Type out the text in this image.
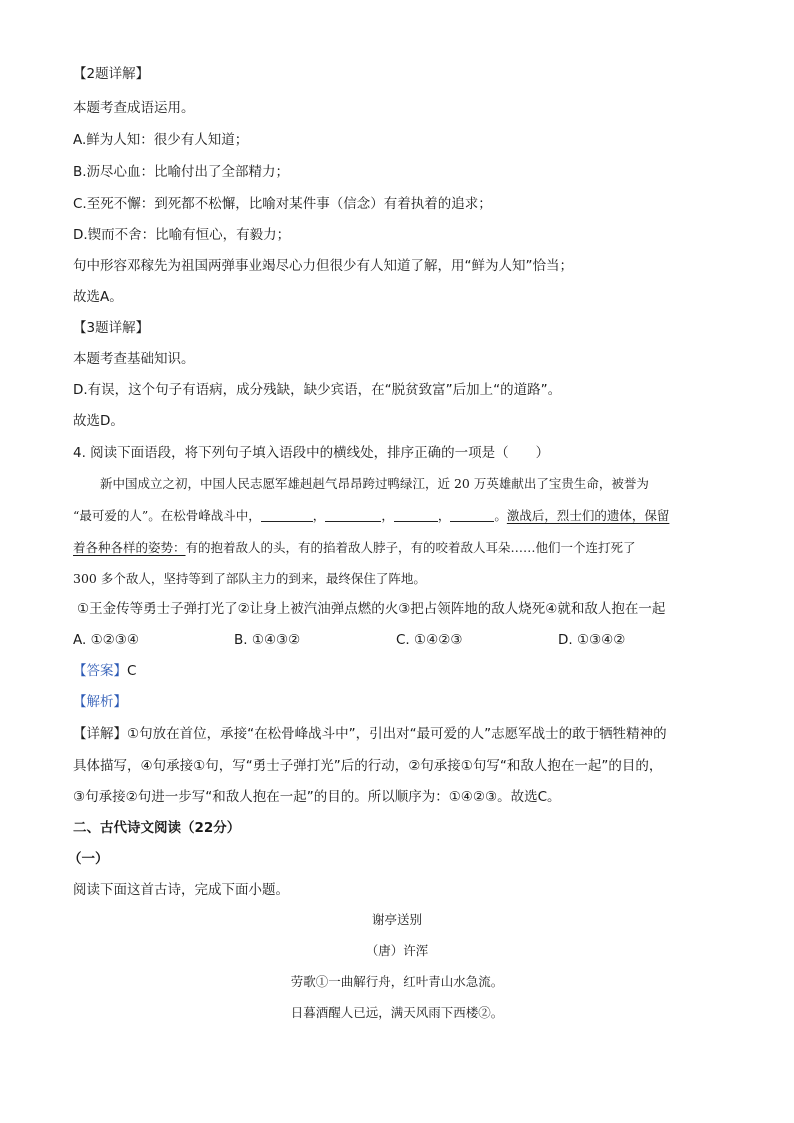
【2题详解】
本题考查成语运用。
A.鲜为人知：很少有人知道；
B.沥尽心血：比喻付出了全部精力；
C.至死不懈：到死都不松懈，比喻对某件事（信念）有着执着的追求；
D.锲而不舍：比喻有恒心，有毅力；
句中形容邓稼先为祖国两弹事业竭尽心力但很少有人知道了解，用“鲜为人知”恰当；
故选A。
【3题详解】
本题考查基础知识。
D.有误，这个句子有语病，成分残缺，缺少宾语，在“脱贫致富”后加上“的道路”。
故选D。
4. 阅读下面语段，将下列句子填入语段中的横线处，排序正确的一项是（　　）
新中国成立之初，中国人民志愿军雄赳赳气昂昂跨过鸭绿江，近 20 万英雄献出了宝贵生命，被誉为
“最可爱的人”。在松骨峰战斗中，	，	，	，	。激战后，烈士们的遗体，保留
着各种各样的姿势：有的抱着敌人的头，有的掐着敌人脖子，有的咬着敌人耳朵……他们一个连打死了
300 多个敌人，坚持等到了部队主力的到来，最终保住了阵地。
①王金传等勇士子弹打光了②让身上被汽油弹点燃的火③把占领阵地的敌人烧死④就和敌人抱在一起
A. ①②③④	B. ①④③②	C. ①④②③	D. ①③④②
【答案】C
【解析】
【详解】①句放在首位，承接“在松骨峰战斗中”，引出对“最可爱的人”志愿军战士的敢于牺牲精神的
具体描写，④句承接①句，写“勇士子弹打光”后的行动，②句承接①句写“和敌人抱在一起”的目的，
③句承接②句进一步写“和敌人抱在一起”的目的。所以顺序为：①④②③。故选C。
二、古代诗文阅读（22分）
（一）
阅读下面这首古诗，完成下面小题。
谢亭送别
（唐）许浑
劳歌①一曲解行舟，红叶青山水急流。
日暮酒醒人已远，满天风雨下西楼②。
